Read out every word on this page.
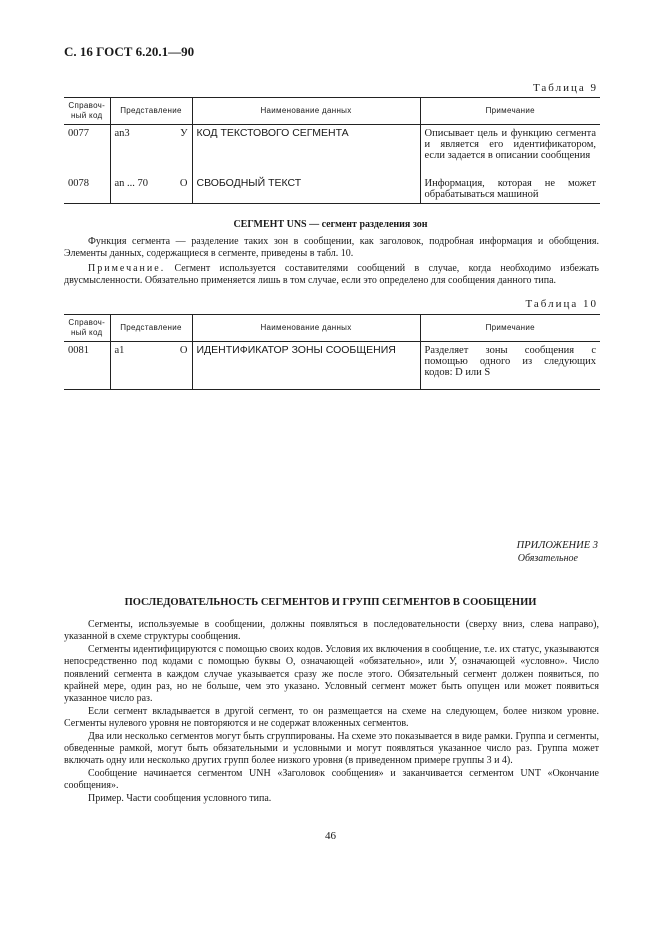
С. 16 ГОСТ 6.20.1—90
Таблица 9
Справоч-ный код	Представление	Наименование данных	Примечание
0077	an3 У	КОД ТЕКСТОВОГО СЕГМЕНТА	Описывает цель и функцию сегмента и является его идентификатором, если задается в описании сообщения
0078	an ... 70 О	СВОБОДНЫЙ ТЕКСТ	Информация, которая не может обрабатываться машиной
СЕГМЕНТ UNS — сегмент разделения зон

Функция сегмента — разделение таких зон в сообщении, как заголовок, подробная информация и обобщения. Элементы данных, содержащиеся в сегменте, приведены в табл. 10.

Примечание. Сегмент используется составителями сообщений в случае, когда необходимо избежать двусмысленности. Обязательно применяется лишь в том случае, если это определено для сообщения данного типа.

Таблица 10
Справоч-ный код	Представление	Наименование данных	Примечание
0081	a1 О	ИДЕНТИФИКАТОР ЗОНЫ СООБЩЕНИЯ	Разделяет зоны сообщения с помощью одного из следующих кодов: D или S
ПРИЛОЖЕНИЕ 3
Обязательное
ПОСЛЕДОВАТЕЛЬНОСТЬ СЕГМЕНТОВ И ГРУПП СЕГМЕНТОВ В СООБЩЕНИИ

Сегменты, используемые в сообщении, должны появляться в последовательности (сверху вниз, слева направо), указанной в схеме структуры сообщения.

Сегменты идентифицируются с помощью своих кодов. Условия их включения в сообщение, т.е. их статус, указываются непосредственно под кодами с помощью буквы О, означающей «обязательно», или У, означающей «условно». Число появлений сегмента в каждом случае указывается сразу же после этого. Обязательный сегмент должен появиться, по крайней мере, один раз, но не больше, чем это указано. Условный сегмент может быть опущен или может появиться указанное число раз.

Если сегмент вкладывается в другой сегмент, то он размещается на схеме на следующем, более низком уровне. Сегменты нулевого уровня не повторяются и не содержат вложенных сегментов.

Два или несколько сегментов могут быть сгруппированы. На схеме это показывается в виде рамки. Группа и сегменты, обведенные рамкой, могут быть обязательными и условными и могут появляться указанное число раз. Группа может включать одну или несколько других групп более низкого уровня (в приведенном примере группы 3 и 4).

Сообщение начинается сегментом UNH «Заголовок сообщения» и заканчивается сегментом UNT «Окончание сообщения».

Пример. Части сообщения условного типа.

46
